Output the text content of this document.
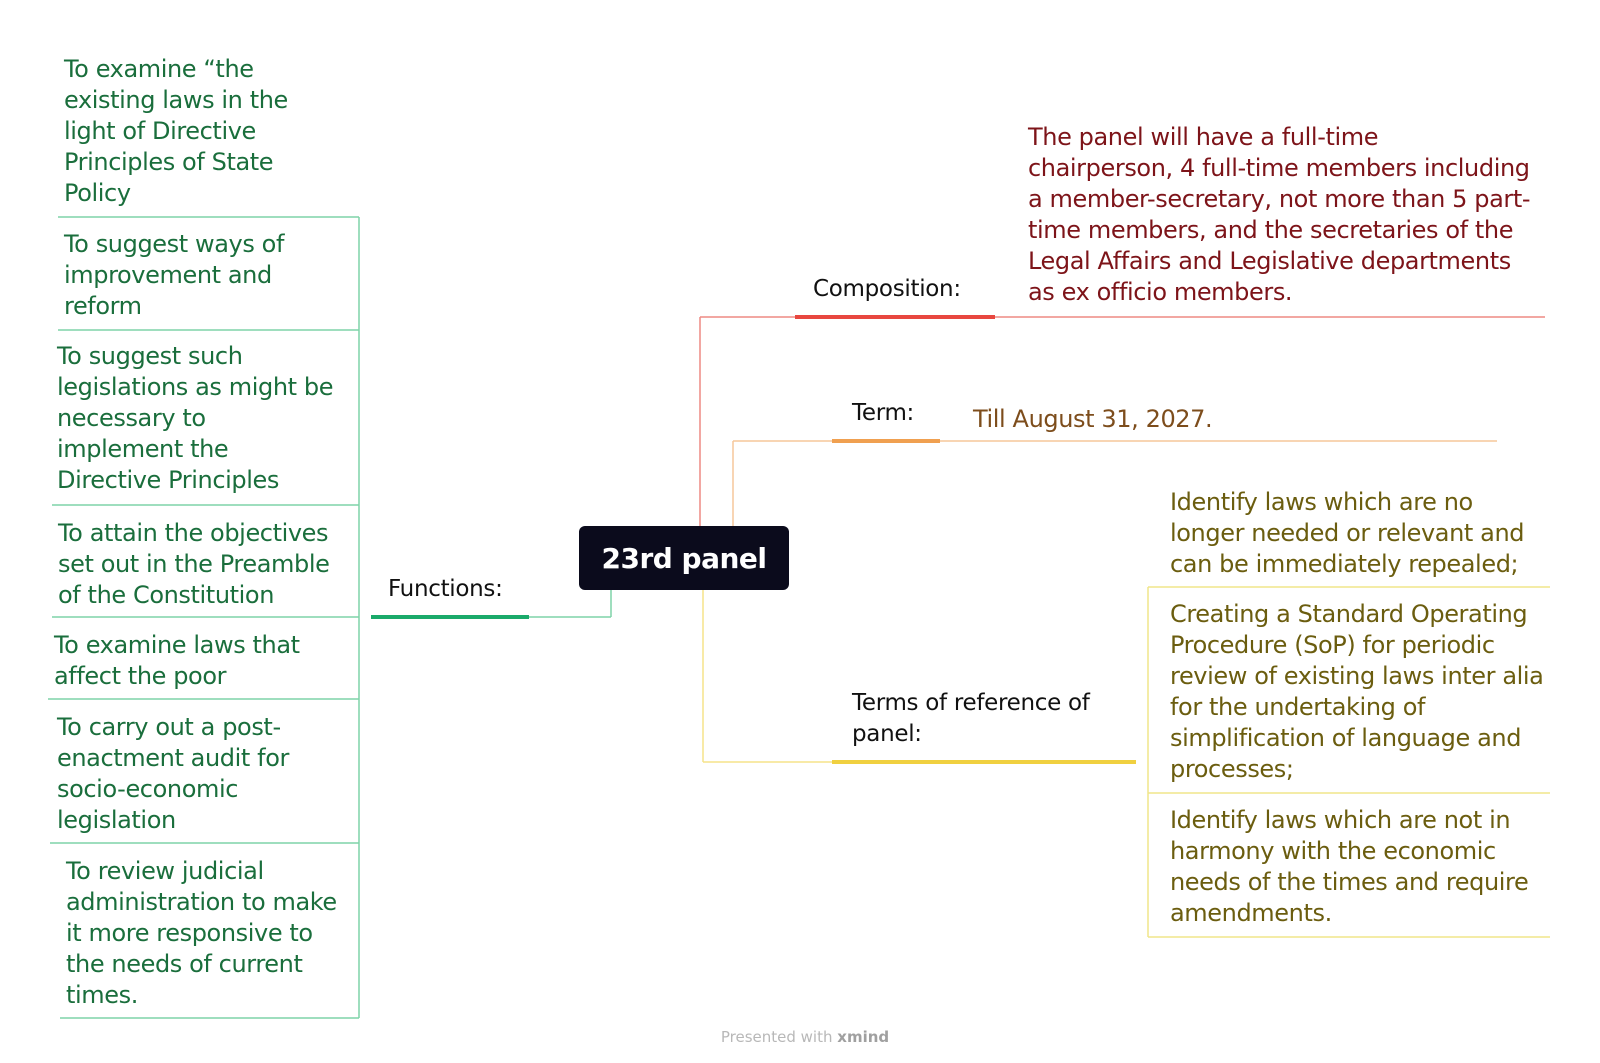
23rd panel
Composition:
Term:
Terms of reference of
panel:
Functions:

The panel will have a full-time
chairperson, 4 full-time members including
a member-secretary, not more than 5 part-
time members, and the secretaries of the
Legal Affairs and Legislative departments
as ex officio members.

Till August 31, 2027.

Identify laws which are no
longer needed or relevant and
can be immediately repealed;

Creating a Standard Operating
Procedure (SoP) for periodic
review of existing laws inter alia
for the undertaking of
simplification of language and
processes;

Identify laws which are not in
harmony with the economic
needs of the times and require
amendments.

To examine “the
existing laws in the
light of Directive
Principles of State
Policy

To suggest ways of
improvement and
reform

To suggest such
legislations as might be
necessary to
implement the
Directive Principles

To attain the objectives
set out in the Preamble
of the Constitution

To examine laws that
affect the poor

To carry out a post-
enactment audit for
socio-economic
legislation

To review judicial
administration to make
it more responsive to
the needs of current
times.

Presented with xmind
